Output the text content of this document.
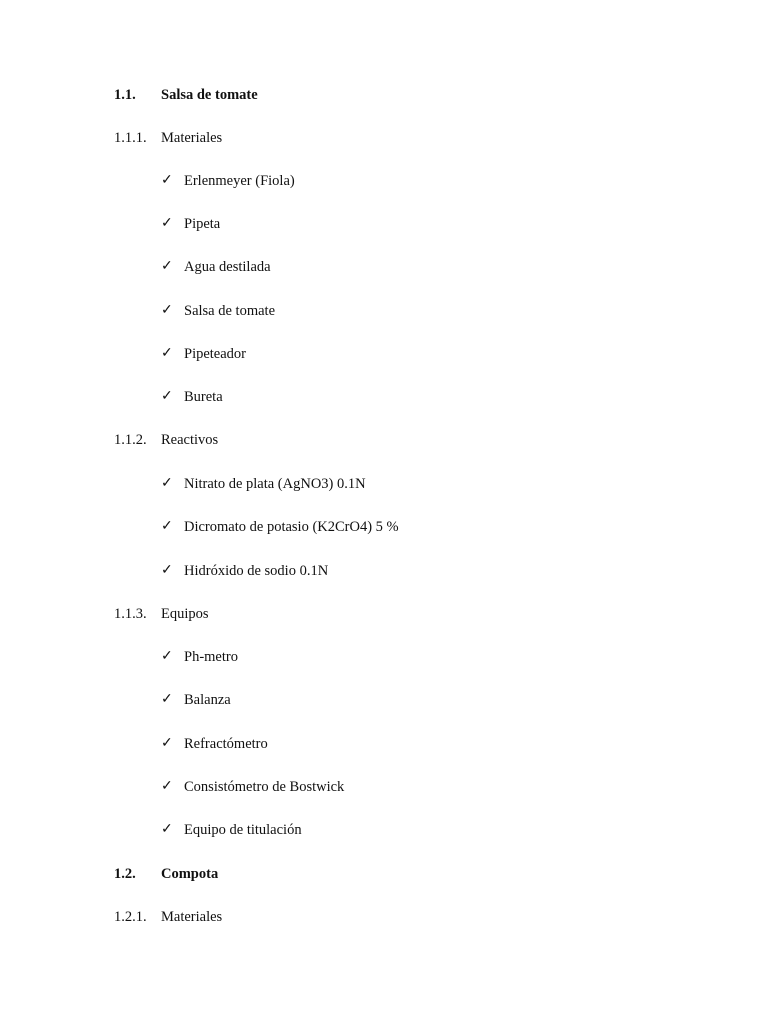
1.1. Salsa de tomate
1.1.1. Materiales
✓ Erlenmeyer (Fiola)
✓ Pipeta
✓ Agua destilada
✓ Salsa de tomate
✓ Pipeteador
✓ Bureta
1.1.2. Reactivos
✓ Nitrato de plata (AgNO3) 0.1N
✓ Dicromato de potasio (K2CrO4) 5 %
✓ Hidróxido de sodio 0.1N
1.1.3. Equipos
✓ Ph-metro
✓ Balanza
✓ Refractómetro
✓ Consistómetro de Bostwick
✓ Equipo de titulación
1.2. Compota
1.2.1. Materiales
